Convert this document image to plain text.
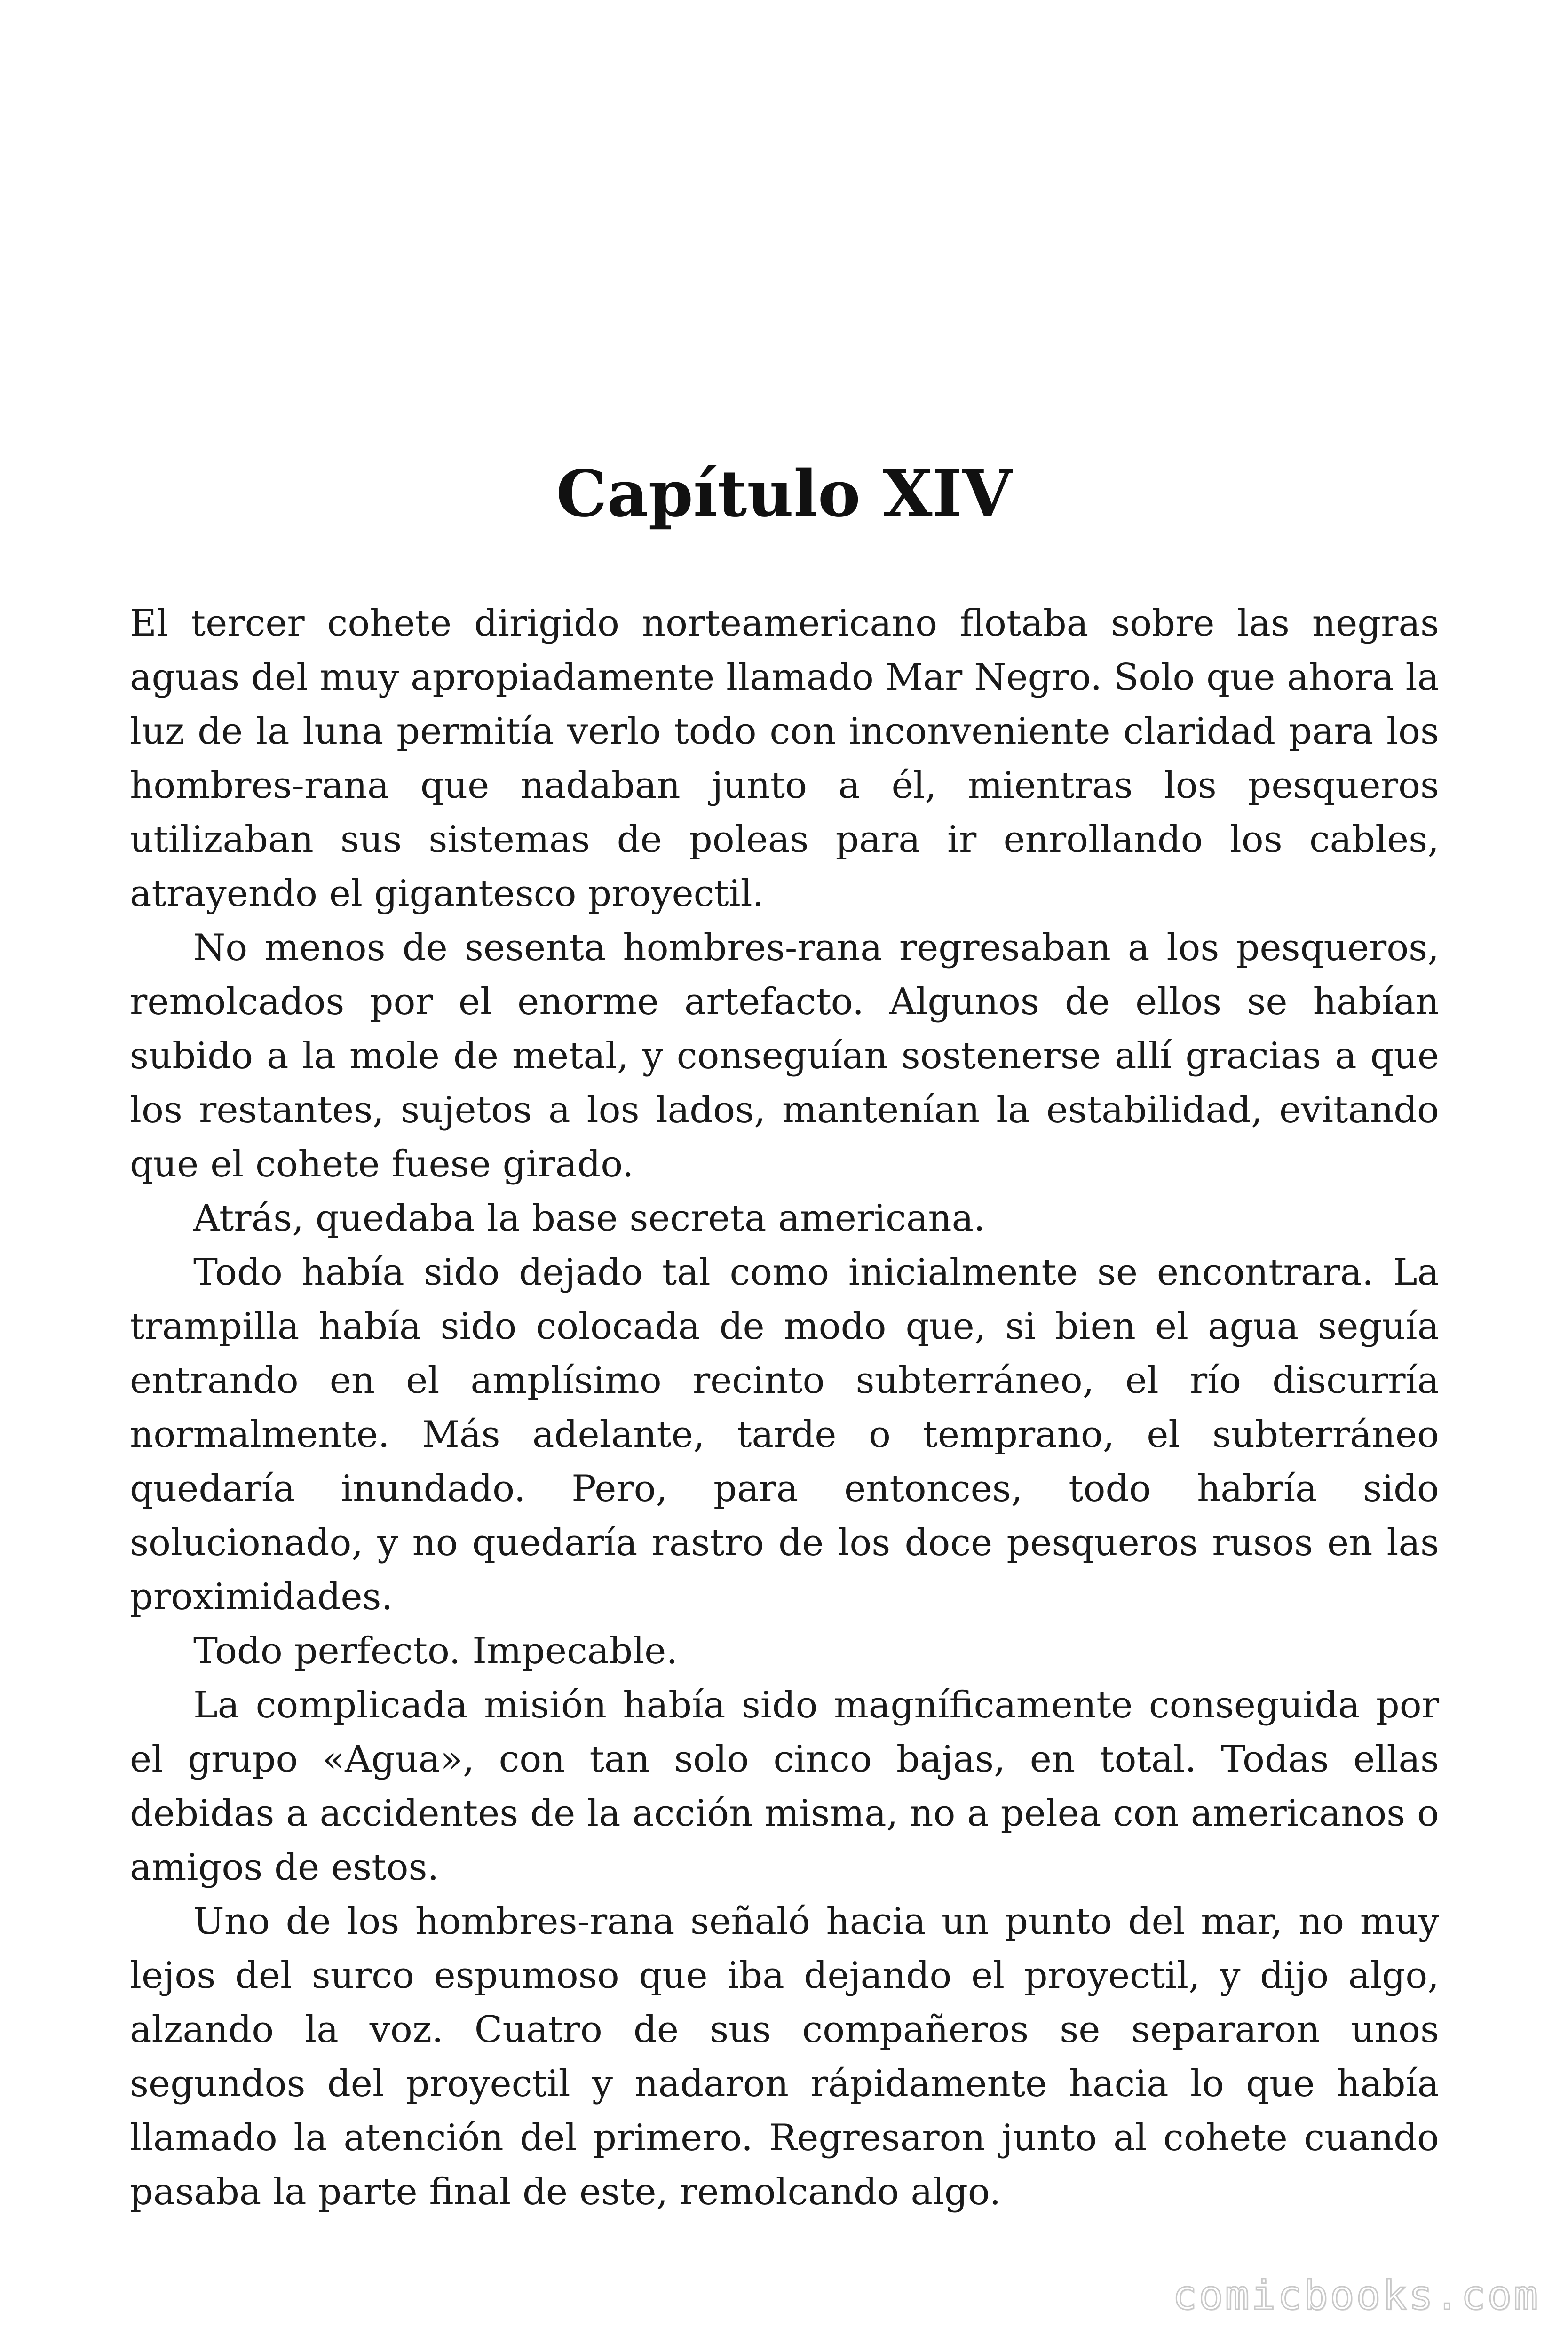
Capítulo XIV

El tercer cohete dirigido norteamericano flotaba sobre las negras aguas del muy apropiadamente llamado Mar Negro. Solo que ahora la luz de la luna permitía verlo todo con inconveniente claridad para los hombres-rana que nadaban junto a él, mientras los pesqueros utilizaban sus sistemas de poleas para ir enrollando los cables, atrayendo el gigantesco proyectil.

No menos de sesenta hombres-rana regresaban a los pesqueros, remolcados por el enorme artefacto. Algunos de ellos se habían subido a la mole de metal, y conseguían sostenerse allí gracias a que los restantes, sujetos a los lados, mantenían la estabilidad, evitando que el cohete fuese girado.

Atrás, quedaba la base secreta americana.

Todo había sido dejado tal como inicialmente se encontrara. La trampilla había sido colocada de modo que, si bien el agua seguía entrando en el amplísimo recinto subterráneo, el río discurría normalmente. Más adelante, tarde o temprano, el subterráneo quedaría inundado. Pero, para entonces, todo habría sido solucionado, y no quedaría rastro de los doce pesqueros rusos en las proximidades.

Todo perfecto. Impecable.

La complicada misión había sido magníficamente conseguida por el grupo «Agua», con tan solo cinco bajas, en total. Todas ellas debidas a accidentes de la acción misma, no a pelea con americanos o amigos de estos.

Uno de los hombres-rana señaló hacia un punto del mar, no muy lejos del surco espumoso que iba dejando el proyectil, y dijo algo, alzando la voz. Cuatro de sus compañeros se separaron unos segundos del proyectil y nadaron rápidamente hacia lo que había llamado la atención del primero. Regresaron junto al cohete cuando pasaba la parte final de este, remolcando algo.

comicbooks.com
